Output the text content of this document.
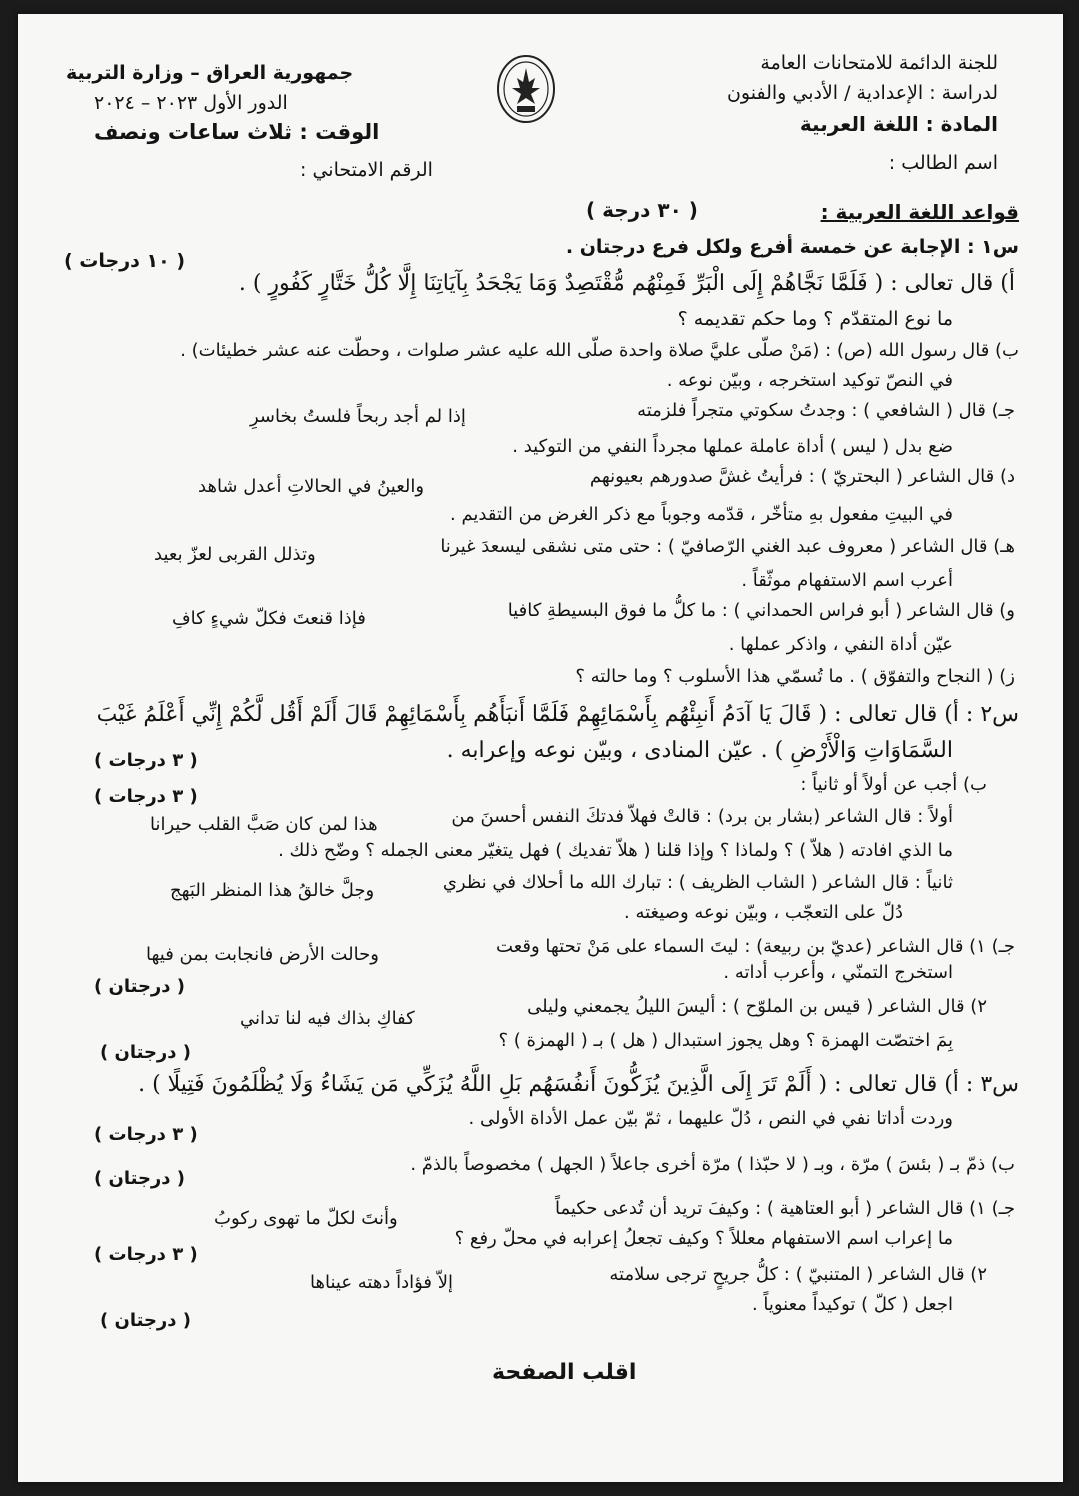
للجنة الدائمة للامتحانات العامة
لدراسة : الإعدادية / الأدبي والفنون
المادة : اللغة العربية
اسم الطالب :
جمهورية العراق – وزارة التربية
الدور الأول ٢٠٢٣ – ٢٠٢٤
الوقت : ثلاث ساعات ونصف
الرقم الامتحاني :
قواعد اللغة العربية :
( ٣٠ درجة )
س١ : الإجابة عن خمسة أفرع ولكل فرع درجتان .
( ١٠ درجات )
أ) قال تعالى : ( فَلَمَّا نَجَّاهُمْ إِلَى الْبَرِّ فَمِنْهُم مُّقْتَصِدٌ وَمَا يَجْحَدُ بِآيَاتِنَا إِلَّا كُلُّ خَتَّارٍ كَفُورٍ ) .
ما نوع المتقدّم ؟ وما حكم تقديمه ؟
ب) قال رسول الله (ص) : (مَنْ صلّى عليَّ صلاة واحدة صلّى الله عليه عشر صلوات ، وحطّت عنه عشر خطيئات) .
في النصّ توكيد استخرجه ، وبيّن نوعه .
جـ) قال ( الشافعي ) : وجدتُ سكوتي متجراً فلزمته
إذا لم أجد ربحاً فلستُ بخاسرِ
ضع بدل ( ليس ) أداة عاملة عملها مجرداً النفي من التوكيد .
د) قال الشاعر ( البحتريّ ) : فرأيتُ غشَّ صدورهم بعيونهم
والعينُ في الحالاتِ أعدل شاهد
في البيتِ مفعول بهِ متأخّر ، قدّمه وجوباً مع ذكر الغرض من التقديم .
هـ) قال الشاعر ( معروف عبد الغني الرّصافيّ ) : حتى متى نشقى ليسعدَ غيرنا
وتذلل القربى لعزّ بعيد
أعرب اسم الاستفهام موثّقاً .
و) قال الشاعر ( أبو فراس الحمداني ) : ما كلُّ ما فوق البسيطةِ كافيا
فإذا قنعتَ فكلّ شيءٍ كافِ
عيّن أداة النفي ، واذكر عملها .
ز) ( النجاح والتفوّق ) . ما تُسمّي هذا الأسلوب ؟ وما حالته ؟
س٢ : أ) قال تعالى : ( قَالَ يَا آدَمُ أَنبِئْهُم بِأَسْمَائِهِمْ فَلَمَّا أَنبَأَهُم بِأَسْمَائِهِمْ قَالَ أَلَمْ أَقُل لَّكُمْ إِنِّي أَعْلَمُ غَيْبَ
السَّمَاوَاتِ وَالْأَرْضِ ) . عيّن المنادى ، وبيّن نوعه وإعرابه .
( ٣ درجات )
ب) أجب عن أولاً أو ثانياً :
( ٣ درجات )
أولاً : قال الشاعر (بشار بن برد) : قالتْ فهلاّ فدتكَ النفس أحسنَ من
هذا لمن كان صَبَّ القلب حيرانا
ما الذي افادته ( هلاّ ) ؟ ولماذا ؟ وإذا قلنا ( هلاّ تفديك ) فهل يتغيّر معنى الجمله ؟ وضّح ذلك .
ثانياً : قال الشاعر ( الشاب الظريف ) : تبارك الله ما أحلاك في نظري
وجلَّ خالقُ هذا المنظر البَهج
دُلّ على التعجّب ، وبيّن نوعه وصيغته .
جـ) ١) قال الشاعر (عديّ بن ربيعة) : ليتَ السماء على مَنْ تحتها وقعت
وحالت الأرض فانجابت بمن فيها
استخرج التمنّي ، وأعرب أداته .
( درجتان )
٢) قال الشاعر ( قيس بن الملوّح ) : أليسَ الليلُ يجمعني وليلى
كفاكِ بذاك فيه لنا تداني
بِمَ اختصّت الهمزة ؟ وهل يجوز استبدال ( هل ) بـ ( الهمزة ) ؟
( درجتان )
س٣ : أ) قال تعالى : ( أَلَمْ تَرَ إِلَى الَّذِينَ يُزَكُّونَ أَنفُسَهُم بَلِ اللَّهُ يُزَكِّي مَن يَشَاءُ وَلَا يُظْلَمُونَ فَتِيلًا ) .
وردت أداتا نفي في النص ، دُلّ عليهما ، ثمّ بيّن عمل الأداة الأولى .
( ٣ درجات )
ب) ذمّ بـ ( بئسَ ) مرّة ، وبـ ( لا حبّذا ) مرّة أخرى جاعلاً ( الجهل ) مخصوصاً بالذمّ .
( درجتان )
جـ) ١) قال الشاعر ( أبو العتاهية ) : وكيفَ تريد أن تُدعى حكيماً
وأنتَ لكلّ ما تهوى ركوبُ
ما إعراب اسم الاستفهام معللاً ؟ وكيف تجعلُ إعرابه في محلّ رفع ؟
( ٣ درجات )
٢) قال الشاعر ( المتنبيّ ) : كلُّ جريحٍ ترجى سلامته
إلاّ فؤاداً دهته عيناها
اجعل ( كلّ ) توكيداً معنوياً .
( درجتان )
اقلب الصفحة
